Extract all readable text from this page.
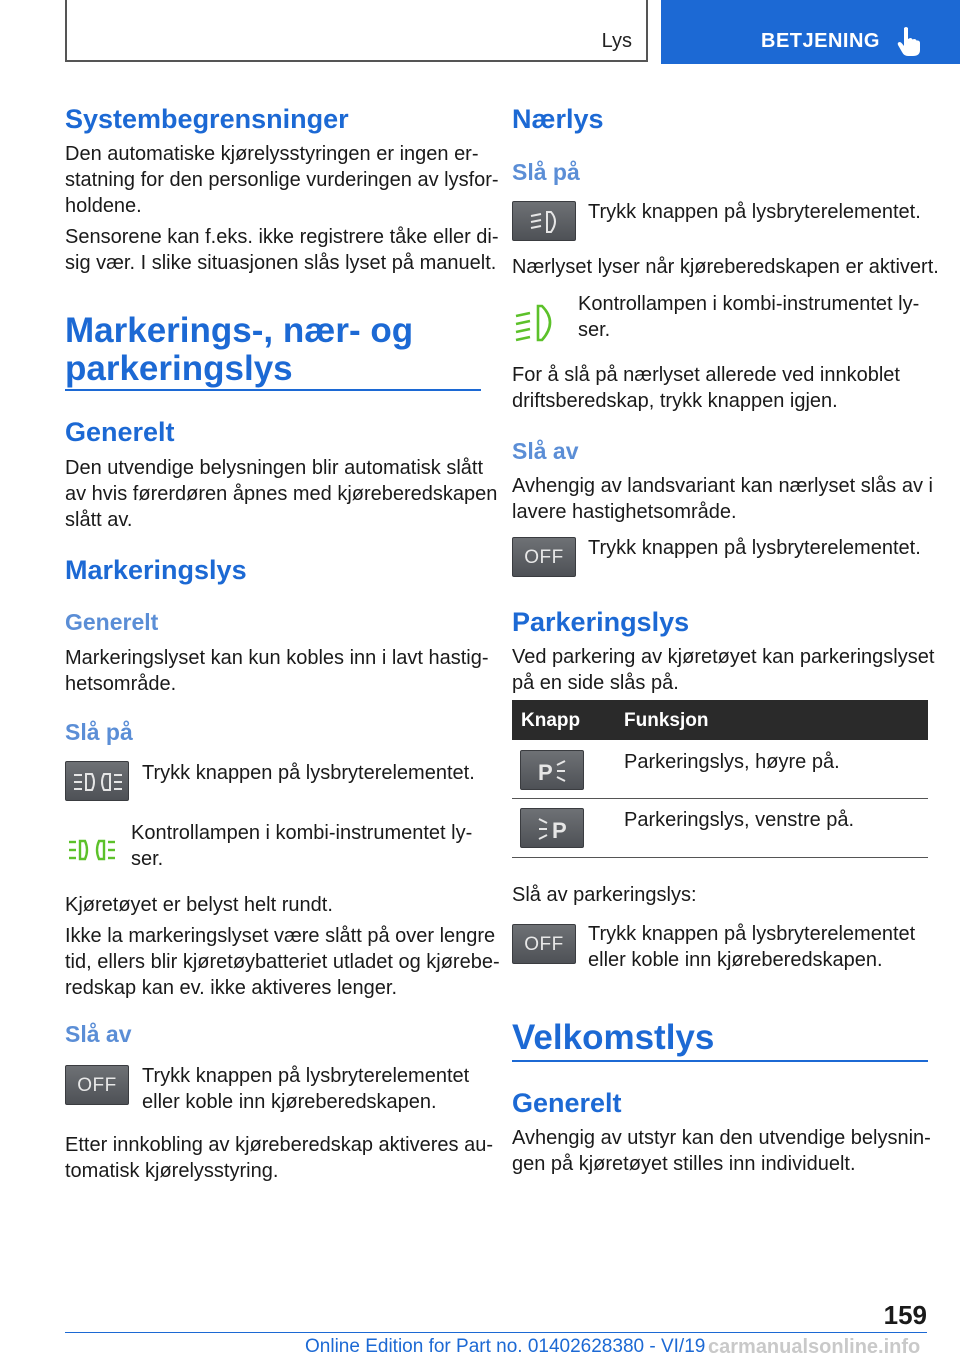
Lys	BETJENING
Systembegrensninger
Den automatiske kjørelysstyringen er ingen er-
statning for den personlige vurderingen av lysfor-
holdene.
Sensorene kan f.eks. ikke registrere tåke eller di-
sig vær. I slike situasjonen slås lyset på manuelt.
Markerings-, nær- og
parkeringslys
Generelt
Den utvendige belysningen blir automatisk slått
av hvis førerdøren åpnes med kjøreberedskapen
slått av.
Markeringslys
Generelt
Markeringslyset kan kun kobles inn i lavt hastig-
hetsområde.
Slå på
Trykk knappen på lysbryterelementet.
Kontrollampen i kombi-instrumentet ly-
ser.
Kjøretøyet er belyst helt rundt.
Ikke la markeringslyset være slått på over lengre
tid, ellers blir kjøretøybatteriet utladet og kjørebe-
redskap kan ev. ikke aktiveres lenger.
Slå av
OFF	Trykk knappen på lysbryterelementet
eller koble inn kjøreberedskapen.
Etter innkobling av kjøreberedskap aktiveres au-
tomatisk kjørelysstyring.
Nærlys
Slå på
Trykk knappen på lysbryterelementet.
Nærlyset lyser når kjøreberedskapen er aktivert.
Kontrollampen i kombi-instrumentet ly-
ser.
For å slå på nærlyset allerede ved innkoblet
driftsberedskap, trykk knappen igjen.
Slå av
Avhengig av landsvariant kan nærlyset slås av i
lavere hastighetsområde.
OFF	Trykk knappen på lysbryterelementet.
Parkeringslys
Ved parkering av kjøretøyet kan parkeringslyset
på en side slås på.
Knapp Funksjon
P	Parkeringslys, høyre på.
P	Parkeringslys, venstre på.
Slå av parkeringslys:
OFF	Trykk knappen på lysbryterelementet
eller koble inn kjøreberedskapen.
Velkomstlys
Generelt
Avhengig av utstyr kan den utvendige belysnin-
gen på kjøretøyet stilles inn individuelt.
159
Online Edition for Part no. 01402628380 - VI/19 carmanualsonline.info
